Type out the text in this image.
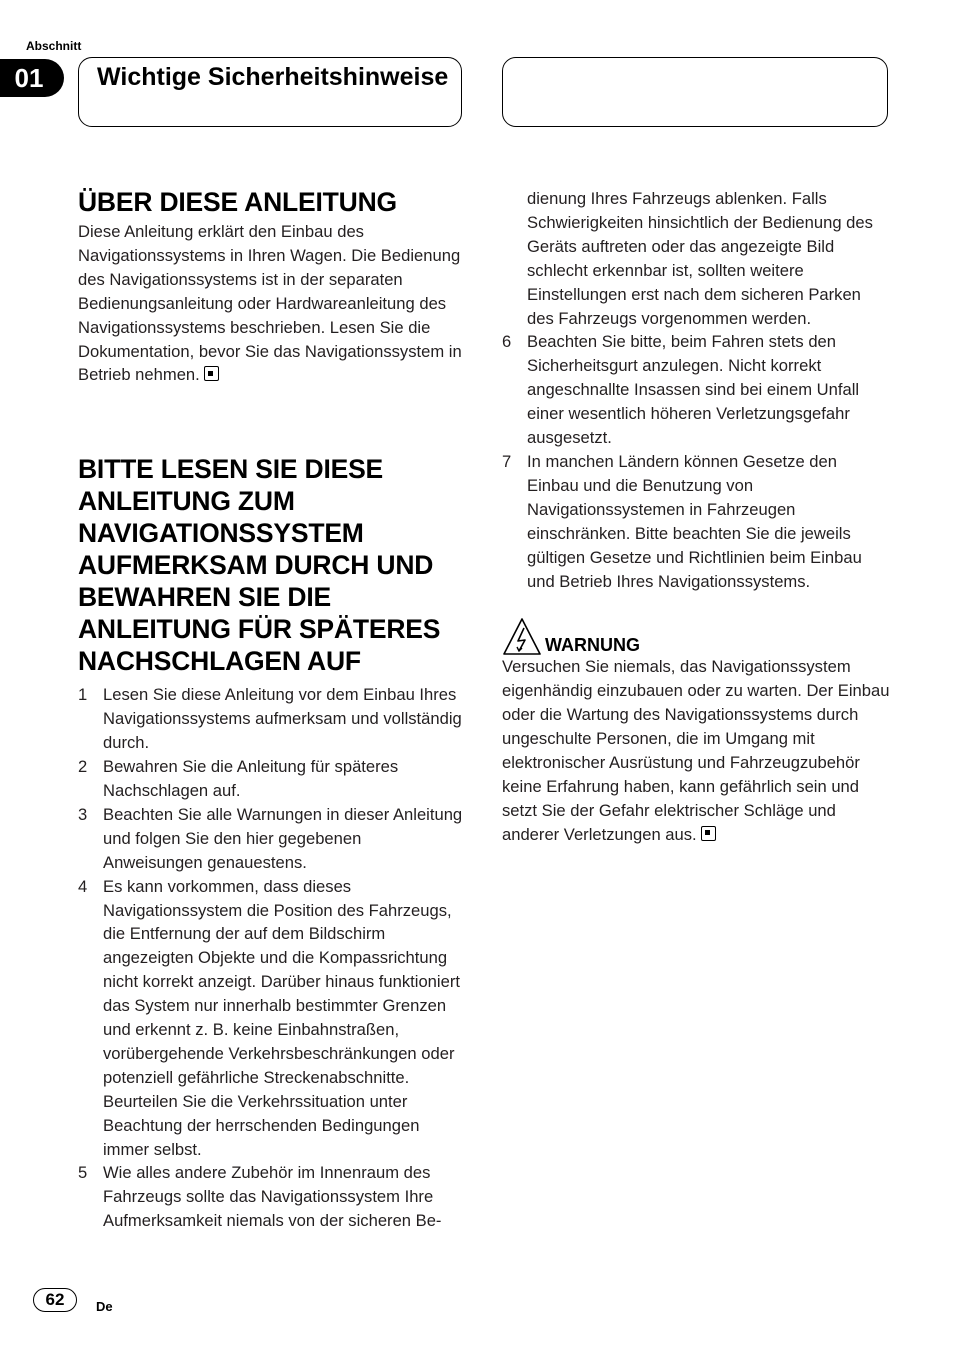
Abschnitt
01	Wichtige Sicherheitshinweise
ÜBER DIESE ANLEITUNG

Diese Anleitung erklärt den Einbau des Navigationssystems in Ihren Wagen. Die Bedienung des Navigationssystems ist in der separaten Bedienungsanleitung oder Hardwareanleitung des Navigationssystems beschrieben. Lesen Sie die Dokumentation, bevor Sie das Navigationssystem in Betrieb nehmen.

BITTE LESEN SIE DIESE ANLEITUNG ZUM NAVIGATIONSSYSTEM AUFMERKSAM DURCH UND BEWAHREN SIE DIE ANLEITUNG FÜR SPÄTERES NACHSCHLAGEN AUF
1 Lesen Sie diese Anleitung vor dem Einbau Ihres Navigationssystems aufmerksam und vollständig durch.
2 Bewahren Sie die Anleitung für späteres Nachschlagen auf.
3 Beachten Sie alle Warnungen in dieser Anleitung und folgen Sie den hier gegebenen Anweisungen genauestens.
4 Es kann vorkommen, dass dieses Navigationssystem die Position des Fahrzeugs, die Entfernung der auf dem Bildschirm angezeigten Objekte und die Kompassrichtung nicht korrekt anzeigt. Darüber hinaus funktioniert das System nur innerhalb bestimmter Grenzen und erkennt z. B. keine Einbahnstraßen, vorübergehende Verkehrsbeschränkungen oder potenziell gefährliche Streckenabschnitte. Beurteilen Sie die Verkehrssituation unter Beachtung der herrschenden Bedingungen immer selbst.
5 Wie alles andere Zubehör im Innenraum des Fahrzeugs sollte das Navigationssystem Ihre Aufmerksamkeit niemals von der sicheren Be-
dienung Ihres Fahrzeugs ablenken. Falls Schwierigkeiten hinsichtlich der Bedienung des Geräts auftreten oder das angezeigte Bild schlecht erkennbar ist, sollten weitere Einstellungen erst nach dem sicheren Parken des Fahrzeugs vorgenommen werden.
6 Beachten Sie bitte, beim Fahren stets den Sicherheitsgurt anzulegen. Nicht korrekt angeschnallte Insassen sind bei einem Unfall einer wesentlich höheren Verletzungsgefahr ausgesetzt.
7 In manchen Ländern können Gesetze den Einbau und die Benutzung von Navigationssystemen in Fahrzeugen einschränken. Bitte beachten Sie die jeweils gültigen Gesetze und Richtlinien beim Einbau und Betrieb Ihres Navigationssystems.
WARNUNG

Versuchen Sie niemals, das Navigationssystem eigenhändig einzubauen oder zu warten. Der Einbau oder die Wartung des Navigationssystems durch ungeschulte Personen, die im Umgang mit elektronischer Ausrüstung und Fahrzeugzubehör keine Erfahrung haben, kann gefährlich sein und setzt Sie der Gefahr elektrischer Schläge und anderer Verletzungen aus.

62	De
